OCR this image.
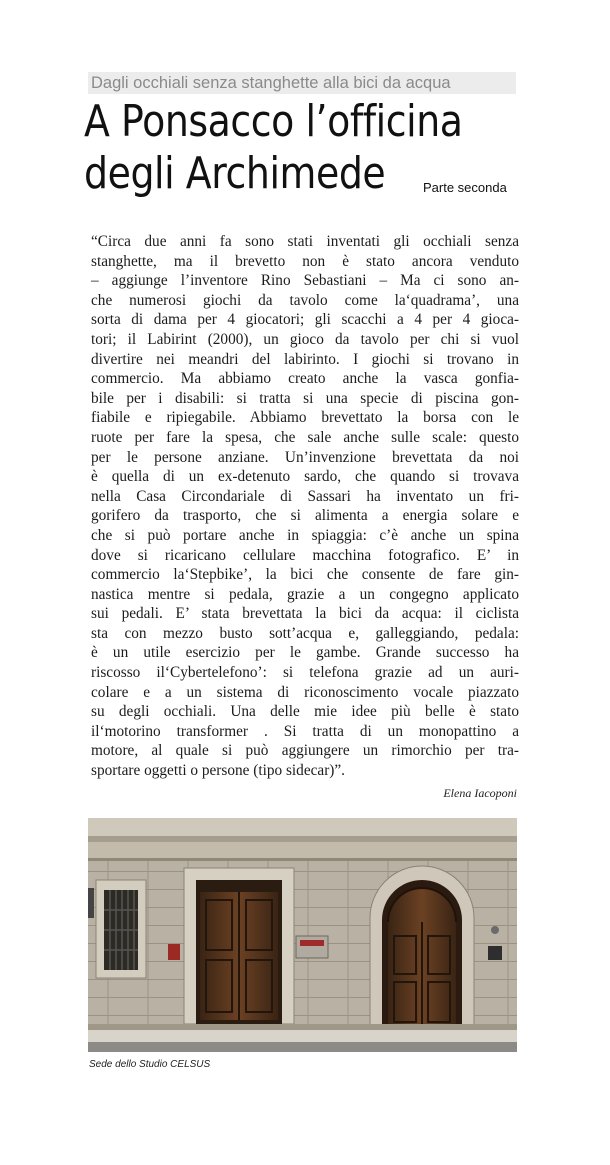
Dagli occhiali senza stanghette alla bici da acqua
A Ponsacco l’officina
degli Archimede	Parte seconda
“Circa due anni fa sono stati inventati gli occhiali senza
stanghette, ma il brevetto non è stato ancora venduto
– aggiunge l’inventore Rino Sebastiani – Ma ci sono an-
che numerosi giochi da tavolo come la‘quadrama’, una
sorta di dama per 4 giocatori; gli scacchi a 4 per 4 gioca-
tori; il Labirint (2000), un gioco da tavolo per chi si vuol
divertire nei meandri del labirinto. I giochi si trovano in
commercio. Ma abbiamo creato anche la vasca gonfia-
bile per i disabili: si tratta si una specie di piscina gon-
fiabile e ripiegabile. Abbiamo brevettato la borsa con le
ruote per fare la spesa, che sale anche sulle scale: questo
per le persone anziane. Un’invenzione brevettata da noi
è quella di un ex-detenuto sardo, che quando si trovava
nella Casa Circondariale di Sassari ha inventato un fri-
gorifero da trasporto, che si alimenta a energia solare e
che si può portare anche in spiaggia: c’è anche un spina
dove si ricaricano cellulare macchina fotografico. E’ in
commercio la‘Stepbike’, la bici che consente de fare gin-
nastica mentre si pedala, grazie a un congegno applicato
sui pedali. E’ stata brevettata la bici da acqua: il ciclista
sta con mezzo busto sott’acqua e, galleggiando, pedala:
è un utile esercizio per le gambe. Grande successo ha
riscosso il‘Cybertelefono’: si telefona grazie ad un auri-
colare e a un sistema di riconoscimento vocale piazzato
su degli occhiali. Una delle mie idee più belle è stato
il‘motorino transformer . Si tratta di un monopattino a
motore, al quale si può aggiungere un rimorchio per tra-
sportare oggetti o persone (tipo sidecar)”.
Elena Iacoponi
Sede dello Studio CELSUS
